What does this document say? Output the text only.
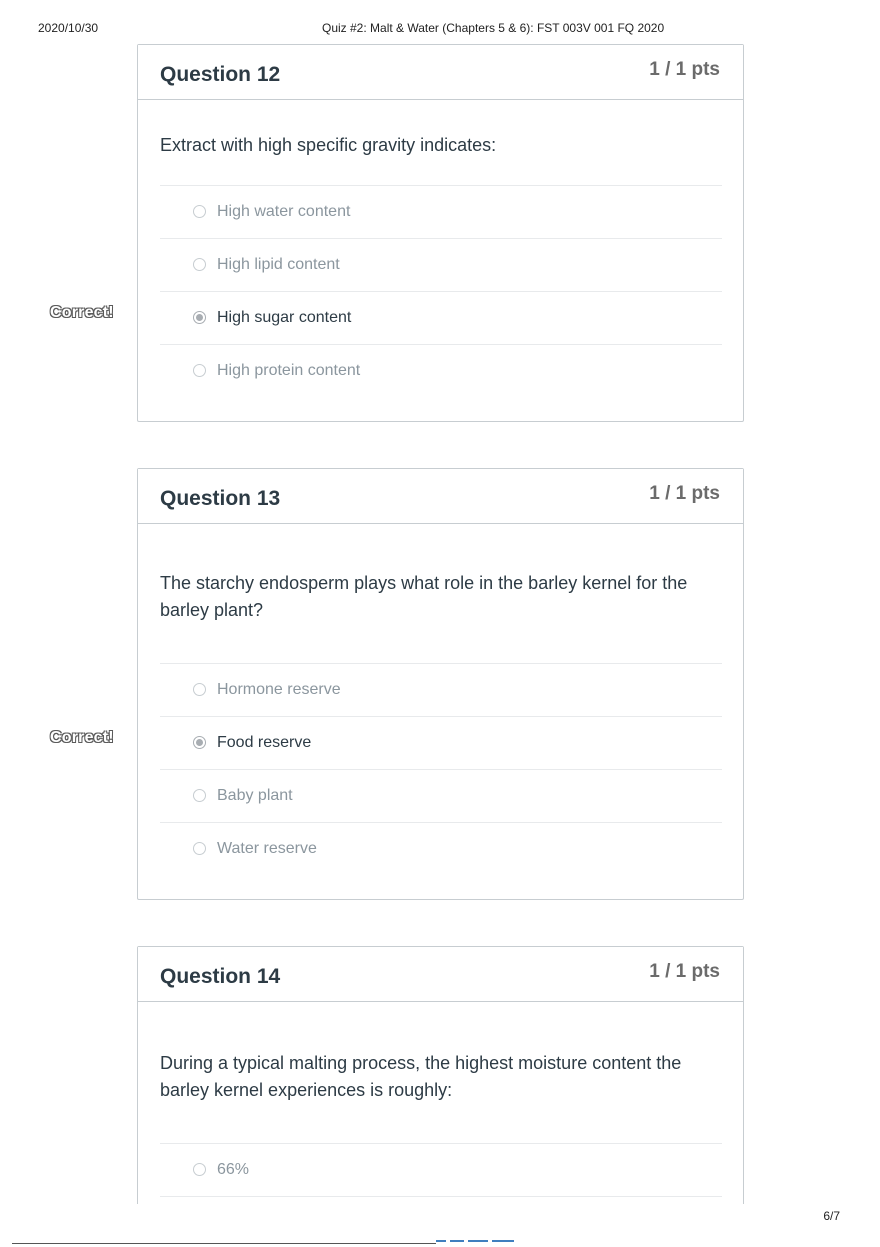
2020/10/30	Quiz #2: Malt & Water (Chapters 5 & 6): FST 003V 001 FQ 2020
Question 12	1 / 1 pts

Extract with high specific gravity indicates:

High water content
High lipid content
High sugar content
High protein content
Correct!
Question 13	1 / 1 pts

The starchy endosperm plays what role in the barley kernel for the barley plant?

Hormone reserve
Food reserve
Baby plant
Water reserve
Correct!
Question 14	1 / 1 pts

During a typical malting process, the highest moisture content the barley kernel experiences is roughly:

66%
6/7
